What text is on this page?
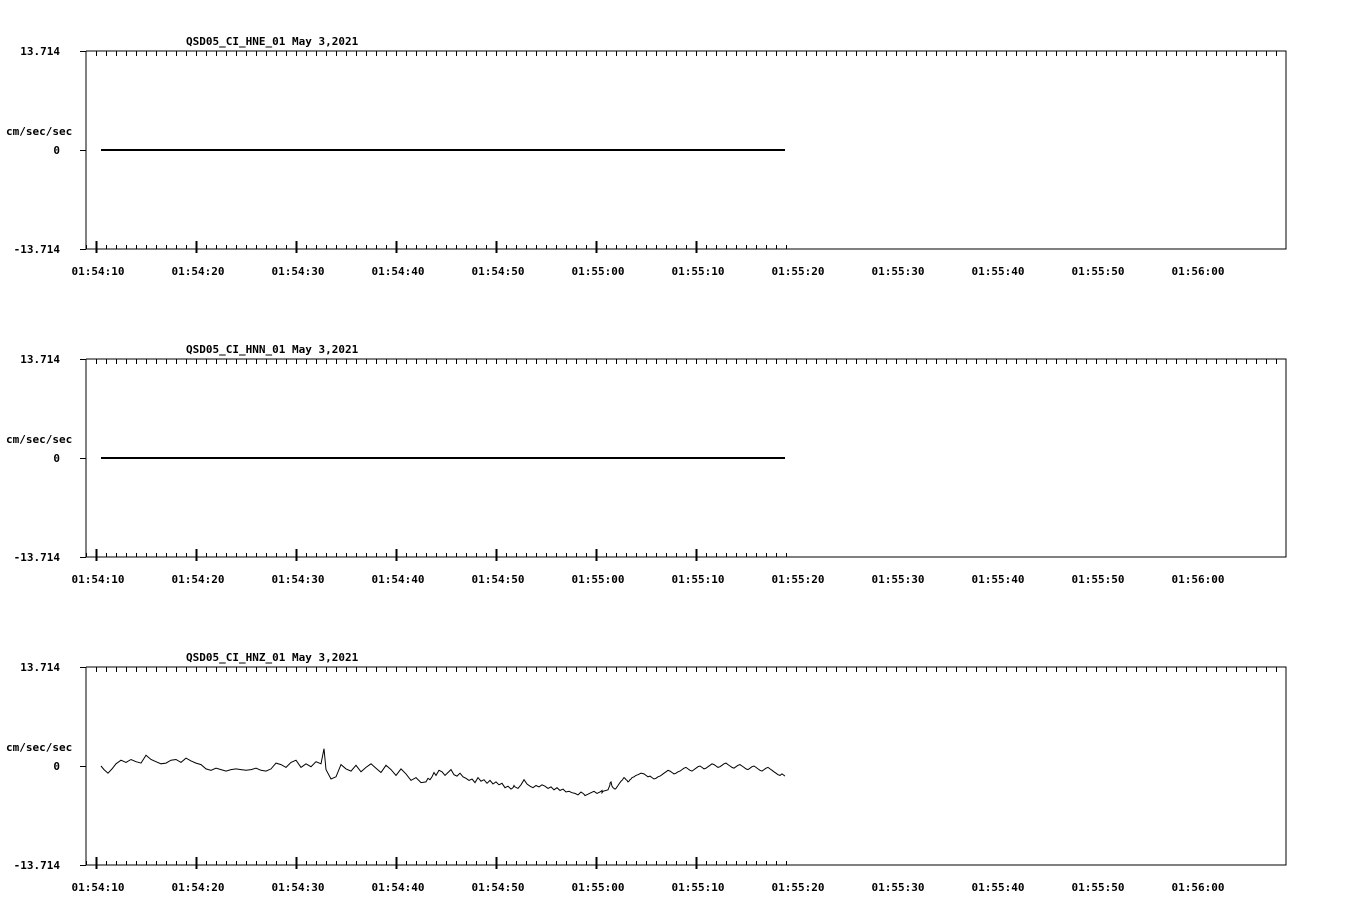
QSD05_CI_HNE_01 May 3,2021
13.714
0
-13.714
cm/sec/sec
01:54:10	01:54:20	01:54:30	01:54:40	01:54:50	01:55:00	01:55:10	01:55:20	01:55:30	01:55:40	01:55:50	01:56:00
QSD05_CI_HNN_01 May 3,2021
13.714
0
-13.714
cm/sec/sec
01:54:10	01:54:20	01:54:30	01:54:40	01:54:50	01:55:00	01:55:10	01:55:20	01:55:30	01:55:40	01:55:50	01:56:00
QSD05_CI_HNZ_01 May 3,2021
13.714
0
-13.714
cm/sec/sec
01:54:10	01:54:20	01:54:30	01:54:40	01:54:50	01:55:00	01:55:10	01:55:20	01:55:30	01:55:40	01:55:50	01:56:00
